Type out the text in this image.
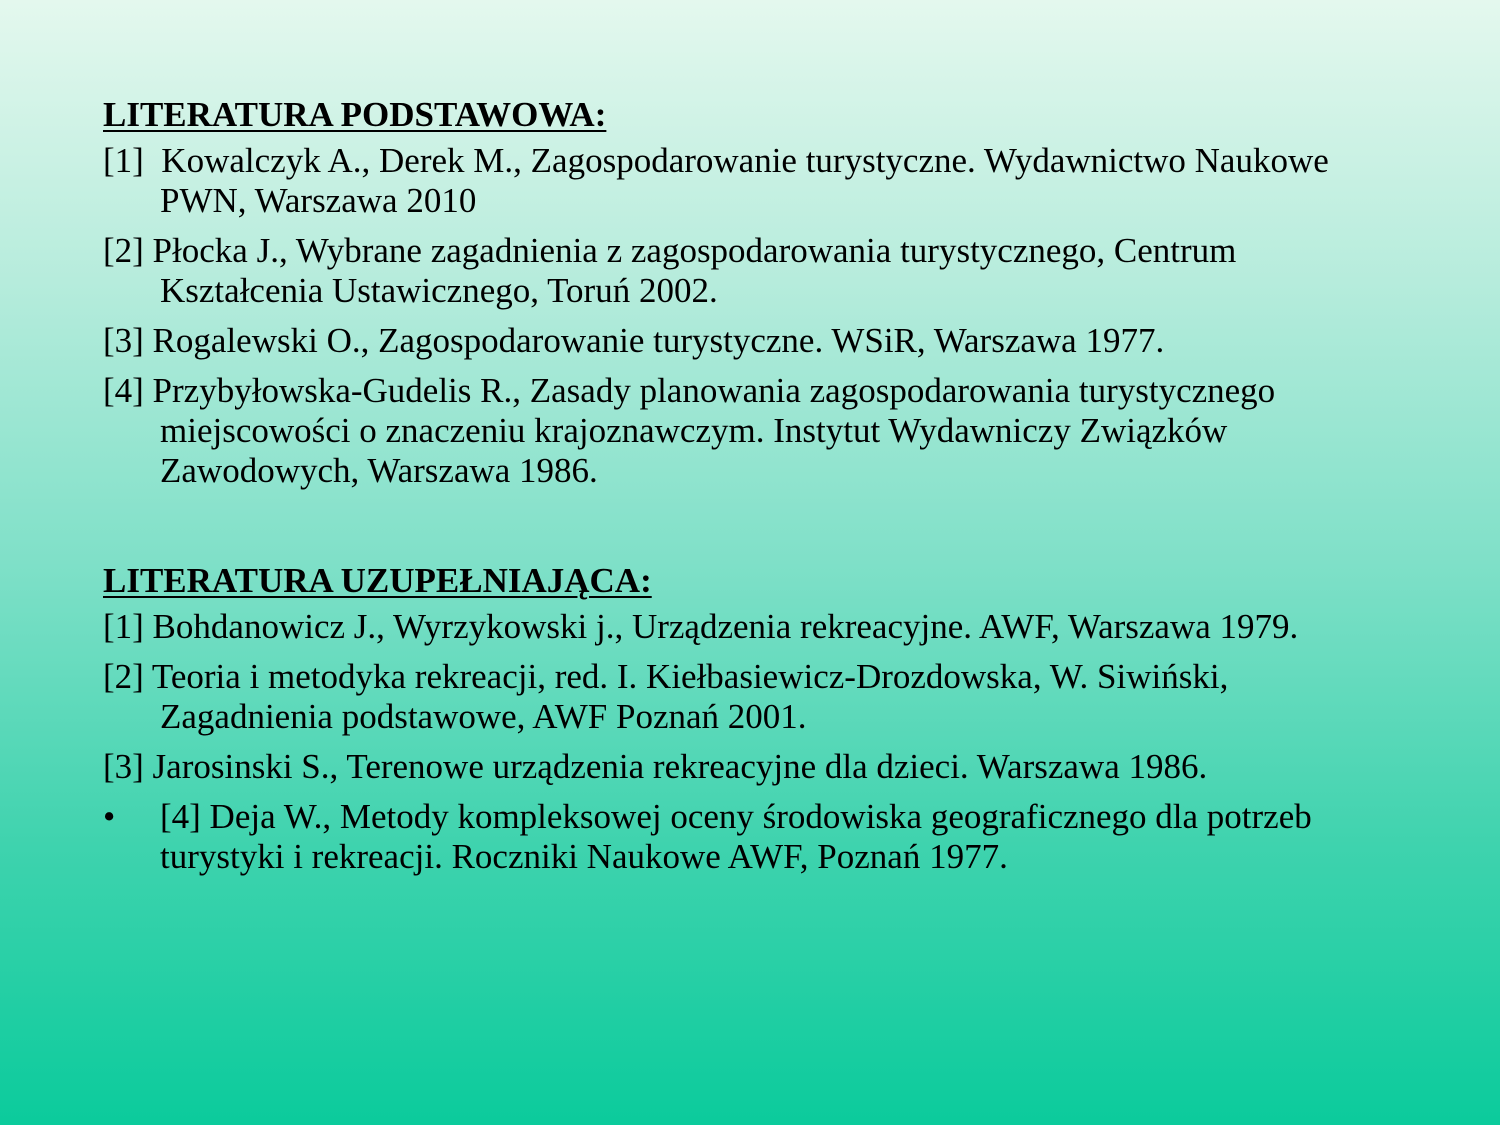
LITERATURA PODSTAWOWA:
[1]  Kowalczyk A., Derek M., Zagospodarowanie turystyczne. Wydawnictwo Naukowe PWN, Warszawa 2010
[2] Płocka J., Wybrane zagadnienia z zagospodarowania turystycznego, Centrum Kształcenia Ustawicznego, Toruń 2002.
[3] Rogalewski O., Zagospodarowanie turystyczne. WSiR, Warszawa 1977.
[4] Przybyłowska-Gudelis R., Zasady planowania zagospodarowania turystycznego miejscowości o znaczeniu krajoznawczym. Instytut Wydawniczy Związków Zawodowych, Warszawa 1986.
LITERATURA UZUPEŁNIAJĄCA:
[1] Bohdanowicz J., Wyrzykowski j., Urządzenia rekreacyjne. AWF, Warszawa 1979.
[2] Teoria i metodyka rekreacji, red. I. Kiełbasiewicz-Drozdowska, W. Siwiński, Zagadnienia podstawowe, AWF Poznań 2001.
[3] Jarosinski S., Terenowe urządzenia rekreacyjne dla dzieci. Warszawa 1986.
• [4] Deja W., Metody kompleksowej oceny środowiska geograficznego dla potrzeb turystyki i rekreacji. Roczniki Naukowe AWF, Poznań 1977.
